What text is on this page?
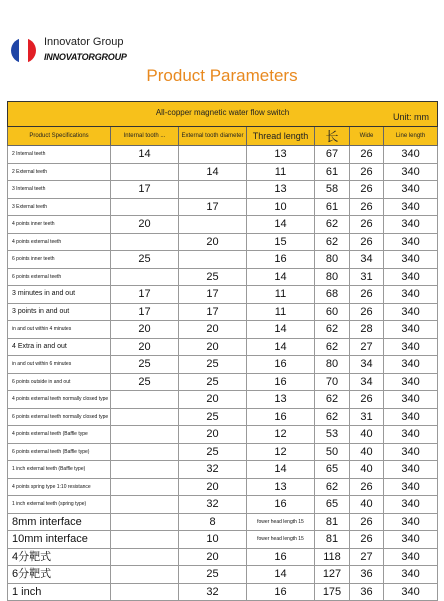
Innovator Group
INNOVATORGROUP
Product Parameters
All-copper magnetic water flow switch Unit: mm						

Product Specifications	Internal tooth ...	External tooth diameter	Thread length	长	Wide	Line length
2 Internal teeth	14		13	67	26	340
2 External teeth		14	11	61	26	340
3 Internal teeth	17		13	58	26	340
3 External teeth		17	10	61	26	340
4 points inner teeth	20		14	62	26	340
4 points external teeth		20	15	62	26	340
6 points inner teeth	25		16	80	34	340
6 points external teeth		25	14	80	31	340
3 minutes in and out	17	17	11	68	26	340
3 points in and out	17	17	11	60	26	340
in and out within 4 minutes	20	20	14	62	28	340
4 Extra in and out	20	20	14	62	27	340
in and out within 6 minutes	25	25	16	80	34	340
6 points outside in and out	25	25	16	70	34	340
4 points external teeth normally closed type		20	13	62	26	340
6 points external teeth normally closed type		25	16	62	31	340
4 points external teeth (Baffle type		20	12	53	40	340
6 points external teeth (Baffle type)		25	12	50	40	340
1 inch external teeth (Baffle type)		32	14	65	40	340
4 points spring type 1:10 resistance		20	13	62	26	340
1 inch external teeth (spring type)		32	16	65	40	340
8mm interface		8	fower head length 15	81	26	340
10mm interface		10	fower head length 15	81	26	340
4分靶式		20	16	118	27	340
6分靶式		25	14	127	36	340
1 inch		32	16	175	36	340
